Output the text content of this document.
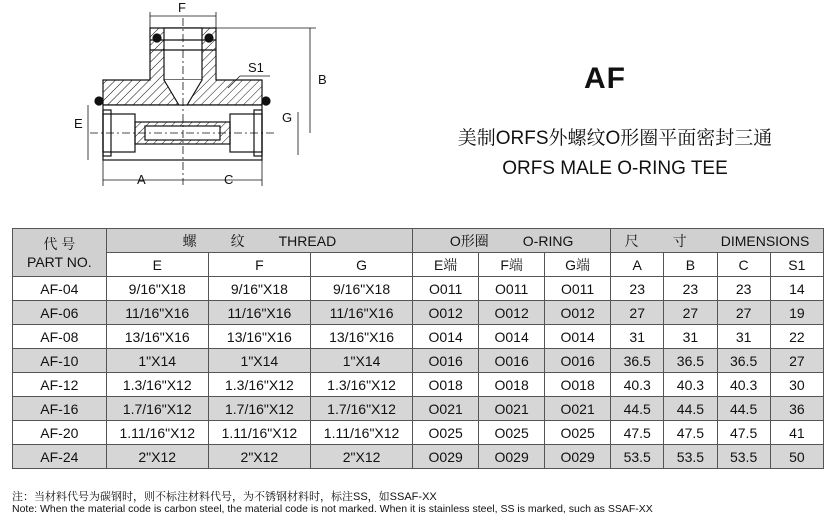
F
S1
B
E	G
A	C
AF
美制ORFS外螺纹O形圈平面密封三通
ORFS MALE O-RING TEE
代 号
PART NO.	螺 纹 THREAD			O形圈 O-RING			尺 寸 DIMENSIONS			
	E	F	G	E端	F端	G端	A	B	C	S1
AF-04	9/16"X18	9/16"X18	9/16"X18	O011	O011	O011	23	23	23	14
AF-06	11/16"X16	11/16"X16	11/16"X16	O012	O012	O012	27	27	27	19
AF-08	13/16"X16	13/16"X16	13/16"X16	O014	O014	O014	31	31	31	22
AF-10	1"X14	1"X14	1"X14	O016	O016	O016	36.5	36.5	36.5	27
AF-12	1.3/16"X12	1.3/16"X12	1.3/16"X12	O018	O018	O018	40.3	40.3	40.3	30
AF-16	1.7/16"X12	1.7/16"X12	1.7/16"X12	O021	O021	O021	44.5	44.5	44.5	36
AF-20	1.11/16"X12	1.11/16"X12	1.11/16"X12	O025	O025	O025	47.5	47.5	47.5	41
AF-24	2"X12	2"X12	2"X12	O029	O029	O029	53.5	53.5	53.5	50
注：当材料代号为碳钢时，则不标注材料代号，为不锈钢材料时，标注SS，如SSAF-XX
Note: When the material code is carbon steel, the material code is not marked. When it is stainless steel, SS is marked, such as SSAF-XX
